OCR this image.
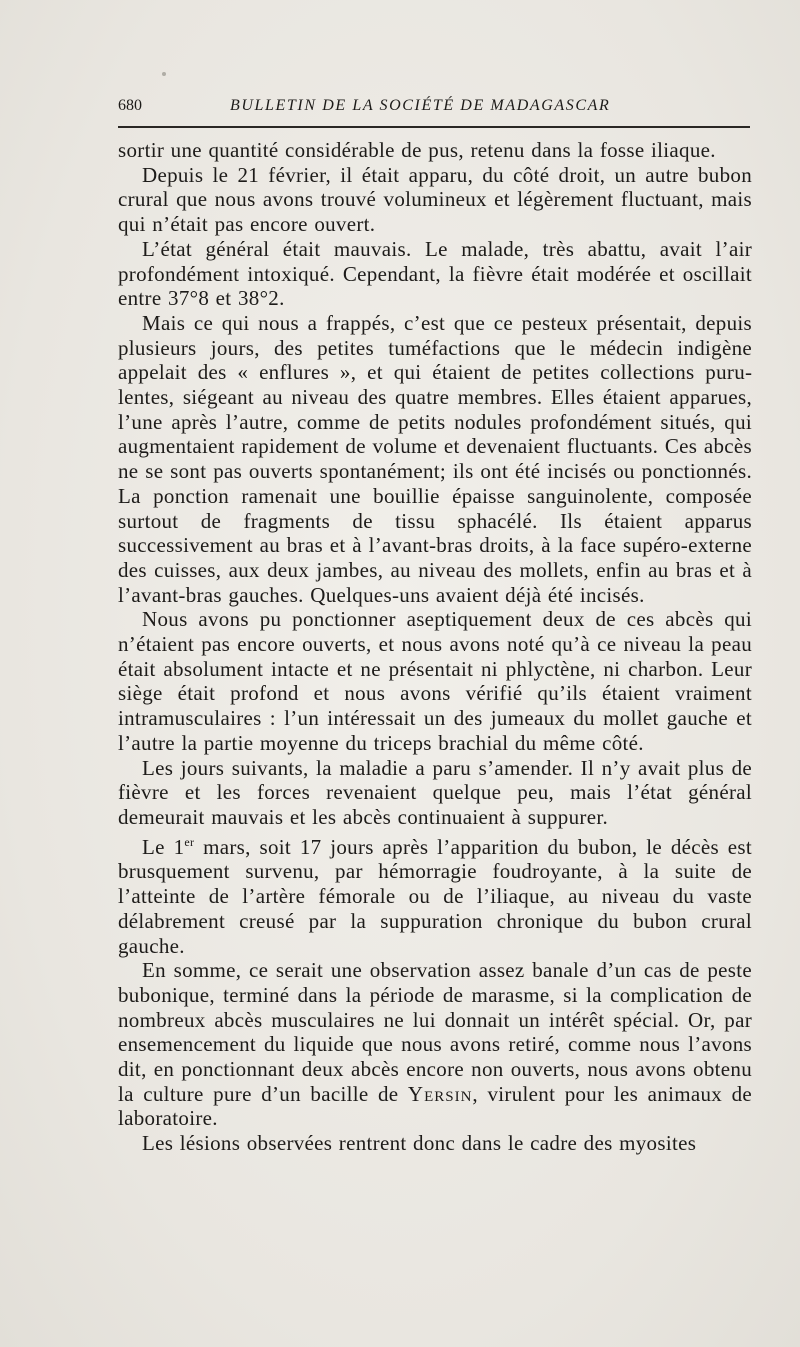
680	BULLETIN DE LA SOCIÉTÉ DE MADAGASCAR

sortir une quantité considérable de pus, retenu dans la fosse iliaque.

Depuis le 21 février, il était apparu, du côté droit, un autre bubon crural que nous avons trouvé volumineux et légèrement fluctuant, mais qui n’était pas encore ouvert.

L’état général était mauvais. Le malade, très abattu, avait l’air profondément intoxiqué. Cependant, la fièvre était modérée et oscillait entre 37°8 et 38°2.

Mais ce qui nous a frappés, c’est que ce pesteux présentait, depuis plusieurs jours, des petites tuméfactions que le médecin indigène appelait des « enflures », et qui étaient de petites collections purulentes, siégeant au niveau des quatre membres. Elles étaient apparues, l’une après l’autre, comme de petits nodules profondément situés, qui augmentaient rapidement de volume et devenaient fluctuants. Ces abcès ne se sont pas ouverts spontanément; ils ont été incisés ou ponctionnés. La ponction ramenait une bouillie épaisse sanguinolente, composée surtout de fragments de tissu sphacélé. Ils étaient apparus successivement au bras et à l’avant-bras droits, à la face supéro-externe des cuisses, aux deux jambes, au niveau des mollets, enfin au bras et à l’avant-bras gauches. Quelques-uns avaient déjà été incisés.

Nous avons pu ponctionner aseptiquement deux de ces abcès qui n’étaient pas encore ouverts, et nous avons noté qu’à ce niveau la peau était absolument intacte et ne présentait ni phlyctène, ni charbon. Leur siège était profond et nous avons vérifié qu’ils étaient vraiment intramusculaires : l’un intéressait un des jumeaux du mollet gauche et l’autre la partie moyenne du triceps brachial du même côté.

Les jours suivants, la maladie a paru s’amender. Il n’y avait plus de fièvre et les forces revenaient quelque peu, mais l’état général demeurait mauvais et les abcès continuaient à suppurer.

Le 1er mars, soit 17 jours après l’apparition du bubon, le décès est brusquement survenu, par hémorragie foudroyante, à la suite de l’atteinte de l’artère fémorale ou de l’iliaque, au niveau du vaste délabrement creusé par la suppuration chronique du bubon crural gauche.

En somme, ce serait une observation assez banale d’un cas de peste bubonique, terminé dans la période de marasme, si la complication de nombreux abcès musculaires ne lui donnait un intérêt spécial. Or, par ensemencement du liquide que nous avons retiré, comme nous l’avons dit, en ponctionnant deux abcès encore non ouverts, nous avons obtenu la culture pure d’un bacille de Yersin, virulent pour les animaux de laboratoire.

Les lésions observées rentrent donc dans le cadre des myosites
